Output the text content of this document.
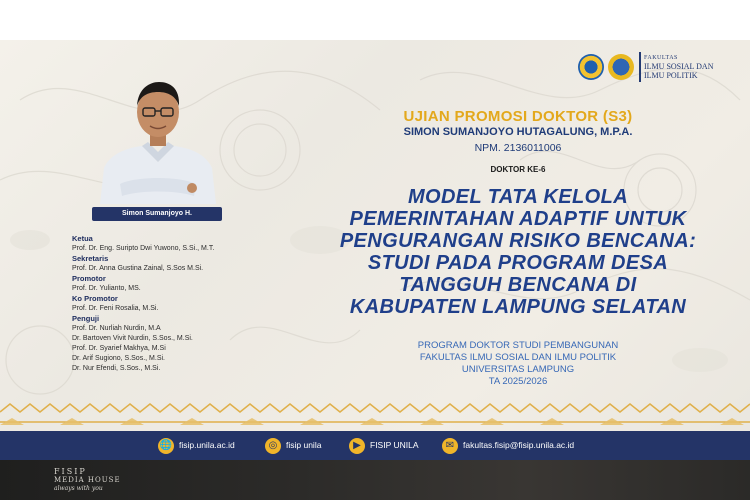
FAKULTAS
ILMU SOSIAL DAN
ILMU POLITIK
Simon Sumanjoyo H.
Ketua
Prof. Dr. Eng. Suripto Dwi Yuwono, S.Si., M.T.
Sekretaris
Prof. Dr. Anna Gustina Zainal, S.Sos M.Si.
Promotor
Prof. Dr. Yulianto, MS.
Ko Promotor
Prof. Dr. Feni Rosalia, M.Si.
Penguji
Prof. Dr. Nurliah Nurdin, M.A
Dr. Bartoven Vivit Nurdin, S.Sos., M.Si.
Prof. Dr. Syarief Makhya, M.Si
Dr. Arif Sugiono, S.Sos., M.Si.
Dr. Nur Efendi, S.Sos., M.Si.
UJIAN PROMOSI DOKTOR (S3)
SIMON SUMANJOYO HUTAGALUNG, M.P.A.
NPM. 2136011006
DOKTOR KE-6
MODEL TATA KELOLA
PEMERINTAHAN ADAPTIF UNTUK
PENGURANGAN RISIKO BENCANA:
STUDI PADA PROGRAM DESA
TANGGUH BENCANA DI
KABUPATEN LAMPUNG SELATAN
PROGRAM DOKTOR STUDI PEMBANGUNAN
FAKULTAS ILMU SOSIAL DAN ILMU POLITIK
UNIVERSITAS LAMPUNG
TA 2025/2026
🌐 fisip.unila.ac.id	◎	fisip unila	▶	FISIP UNILA	✉	fakultas.fisip@fisip.unila.ac.id
FISIP
MEDIA HOUSE
always with you
